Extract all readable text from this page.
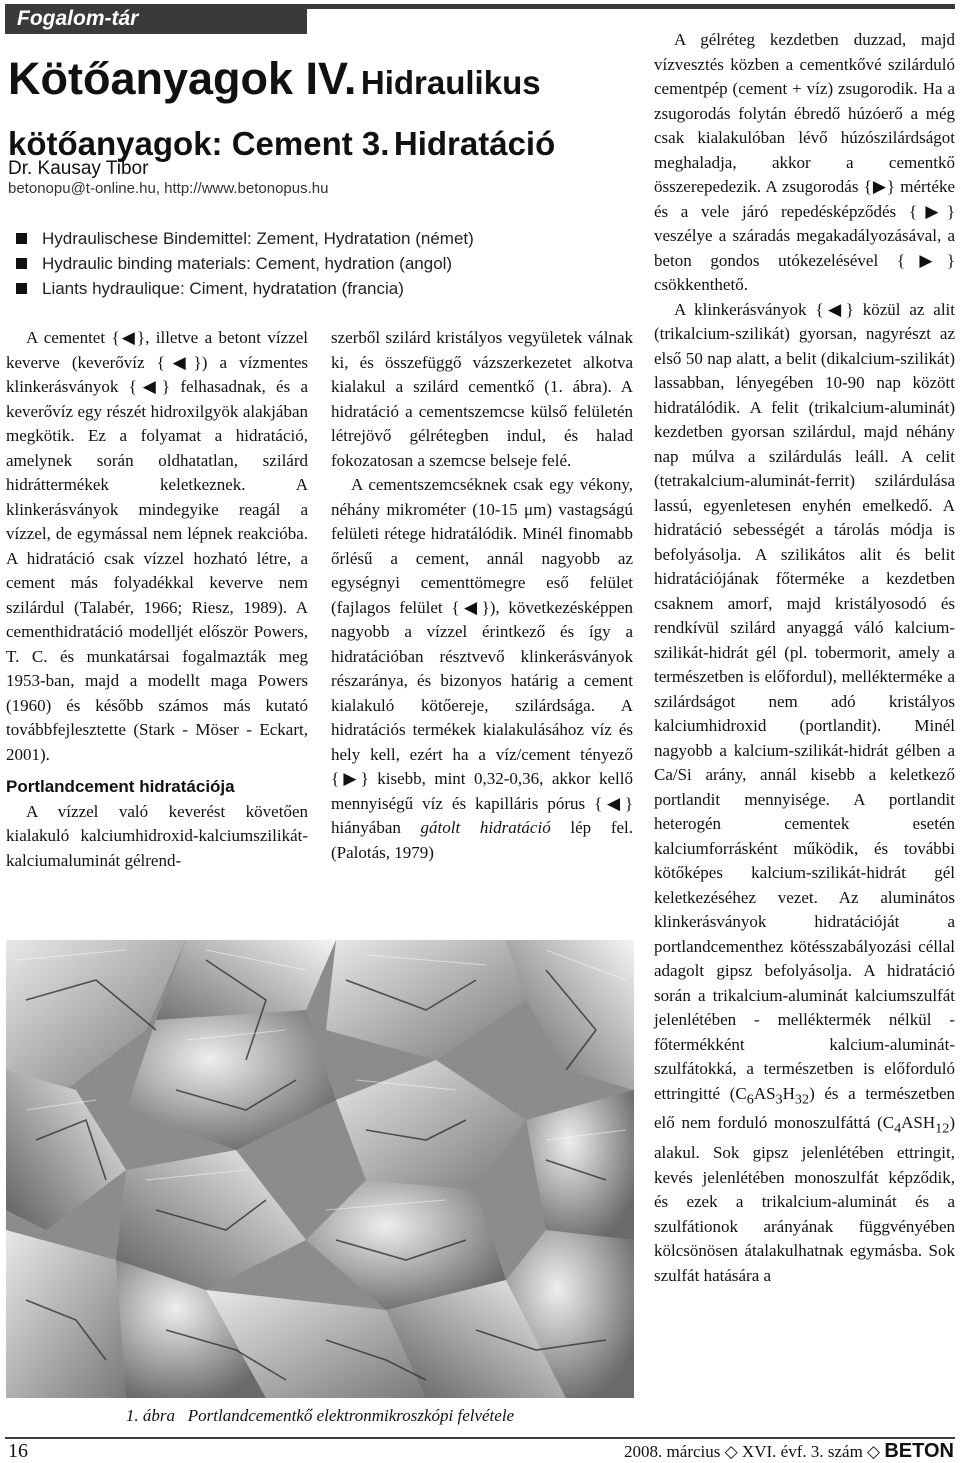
Fogalom-tár
Kötőanyagok IV. Hidraulikus
kötőanyagok: Cement 3. Hidratáció
Dr. Kausay Tibor
betonopu@t-online.hu, http://www.betonopus.hu
Hydraulischese Bindemittel: Zement, Hydratation (német)
Hydraulic binding materials: Cement, hydration (angol)
Liants hydraulique: Ciment, hydratation (francia)

A cementet {◀}, illetve a betont vízzel keverve (keverővíz {◀}) a vízmentes klinkerásványok {◀} felhasadnak, és a keverővíz egy részét hidroxilgyök alakjában megkötik. Ez a folyamat a hidratáció, amelynek során oldhatatlan, szilárd hidráttermékek keletkeznek. A klinkerásványok mindegyike reagál a vízzel, de egymással nem lépnek reakcióba. A hidratáció csak vízzel hozható létre, a cement más folyadékkal keverve nem szilárdul (Talabér, 1966; Riesz, 1989). A cementhidratáció modelljét először Powers, T. C. és munkatársai fogalmazták meg 1953-ban, majd a modellt maga Powers (1960) és később számos más kutató továbbfejlesztette (Stark - Möser - Eckart, 2001).

Portlandcement hidratációja

A vízzel való keverést követően kialakuló kalciumhidroxid-kalciumszilikát-kalciumaluminát gélrend-

szerből szilárd kristályos vegyületek válnak ki, és összefüggő vázszerkezetet alkotva kialakul a szilárd cementkő (1. ábra). A hidratáció a cementszemcse külső felületén létrejövő gélrétegben indul, és halad fokozatosan a szemcse belseje felé.

A cementszemcséknek csak egy vékony, néhány mikrométer (10-15 μm) vastagságú felületi rétege hidratálódik. Minél finomabb őrlésű a cement, annál nagyobb az egységnyi cementtömegre eső felület (fajlagos felület {◀}), következésképpen nagyobb a vízzel érintkező és így a hidratációban résztvevő klinkerásványok részaránya, és bizonyos határig a cement kialakuló kötőereje, szilárdsága. A hidratációs termékek kialakulásához víz és hely kell, ezért ha a víz/cement tényező {▶} kisebb, mint 0,32-0,36, akkor kellő mennyiségű víz és kapilláris pórus {◀} hiányában gátolt hidratáció lép fel. (Palotás, 1979)

A gélréteg kezdetben duzzad, majd vízvesztés közben a cementkővé szilárduló cementpép (cement + víz) zsugorodik. Ha a zsugorodás folytán ébredő húzóerő a még csak kialakulóban lévő húzószilárdságot meghaladja, akkor a cementkő összerepedezik. A zsugorodás {▶} mértéke és a vele járó repedésképződés {▶} veszélye a száradás megakadályozásával, a beton gondos utókezelésével {▶} csökkenthető.

A klinkerásványok {◀} közül az alit (trikalcium-szilikát) gyorsan, nagyrészt az első 50 nap alatt, a belit (dikalcium-szilikát) lassabban, lényegében 10-90 nap között hidratálódik. A felit (trikalcium-aluminát) kezdetben gyorsan szilárdul, majd néhány nap múlva a szilárdulás leáll. A celit (tetrakalcium-aluminát-ferrit) szilárdulása lassú, egyenletesen enyhén emelkedő. A hidratáció sebességét a tárolás módja is befolyásolja. A szilikátos alit és belit hidratációjának főterméke a kezdetben csaknem amorf, majd kristályosodó és rendkívül szilárd anyaggá váló kalcium-szilikát-hidrát gél (pl. tobermorit, amely a természetben is előfordul), mellékterméke a szilárdságot nem adó kristályos kalciumhidroxid (portlandit). Minél nagyobb a kalcium-szilikát-hidrát gélben a Ca/Si arány, annál kisebb a keletkező portlandit mennyisége. A portlandit heterogén cementek esetén kalciumforrásként működik, és további kötőképes kalcium-szilikát-hidrát gél keletkezéséhez vezet. Az aluminátos klinkerásványok hidratációját a portlandcementhez kötésszabályozási céllal adagolt gipsz befolyásolja. A hidratáció során a trikalcium-aluminát kalciumszulfát jelenlétében - melléktermék nélkül - főtermékként kalcium-aluminát-szulfátokká, a természetben is előforduló ettringitté $(C_6AS_3H_{32})$ és a természetben elő nem forduló monoszulfáttá $(C_4ASH_{12})$ alakul. Sok gipsz jelenlétében ettringit, kevés jelenlétében monoszulfát képződik, és ezek a trikalcium-aluminát és a szulfátionok arányának függvényében kölcsönösen átalakulhatnak egymásba. Sok szulfát hatására a

1. ábra Portlandcementkő elektronmikroszkópi felvétele
16	2008. március ◇ XVI. évf. 3. szám ◇ BETON
